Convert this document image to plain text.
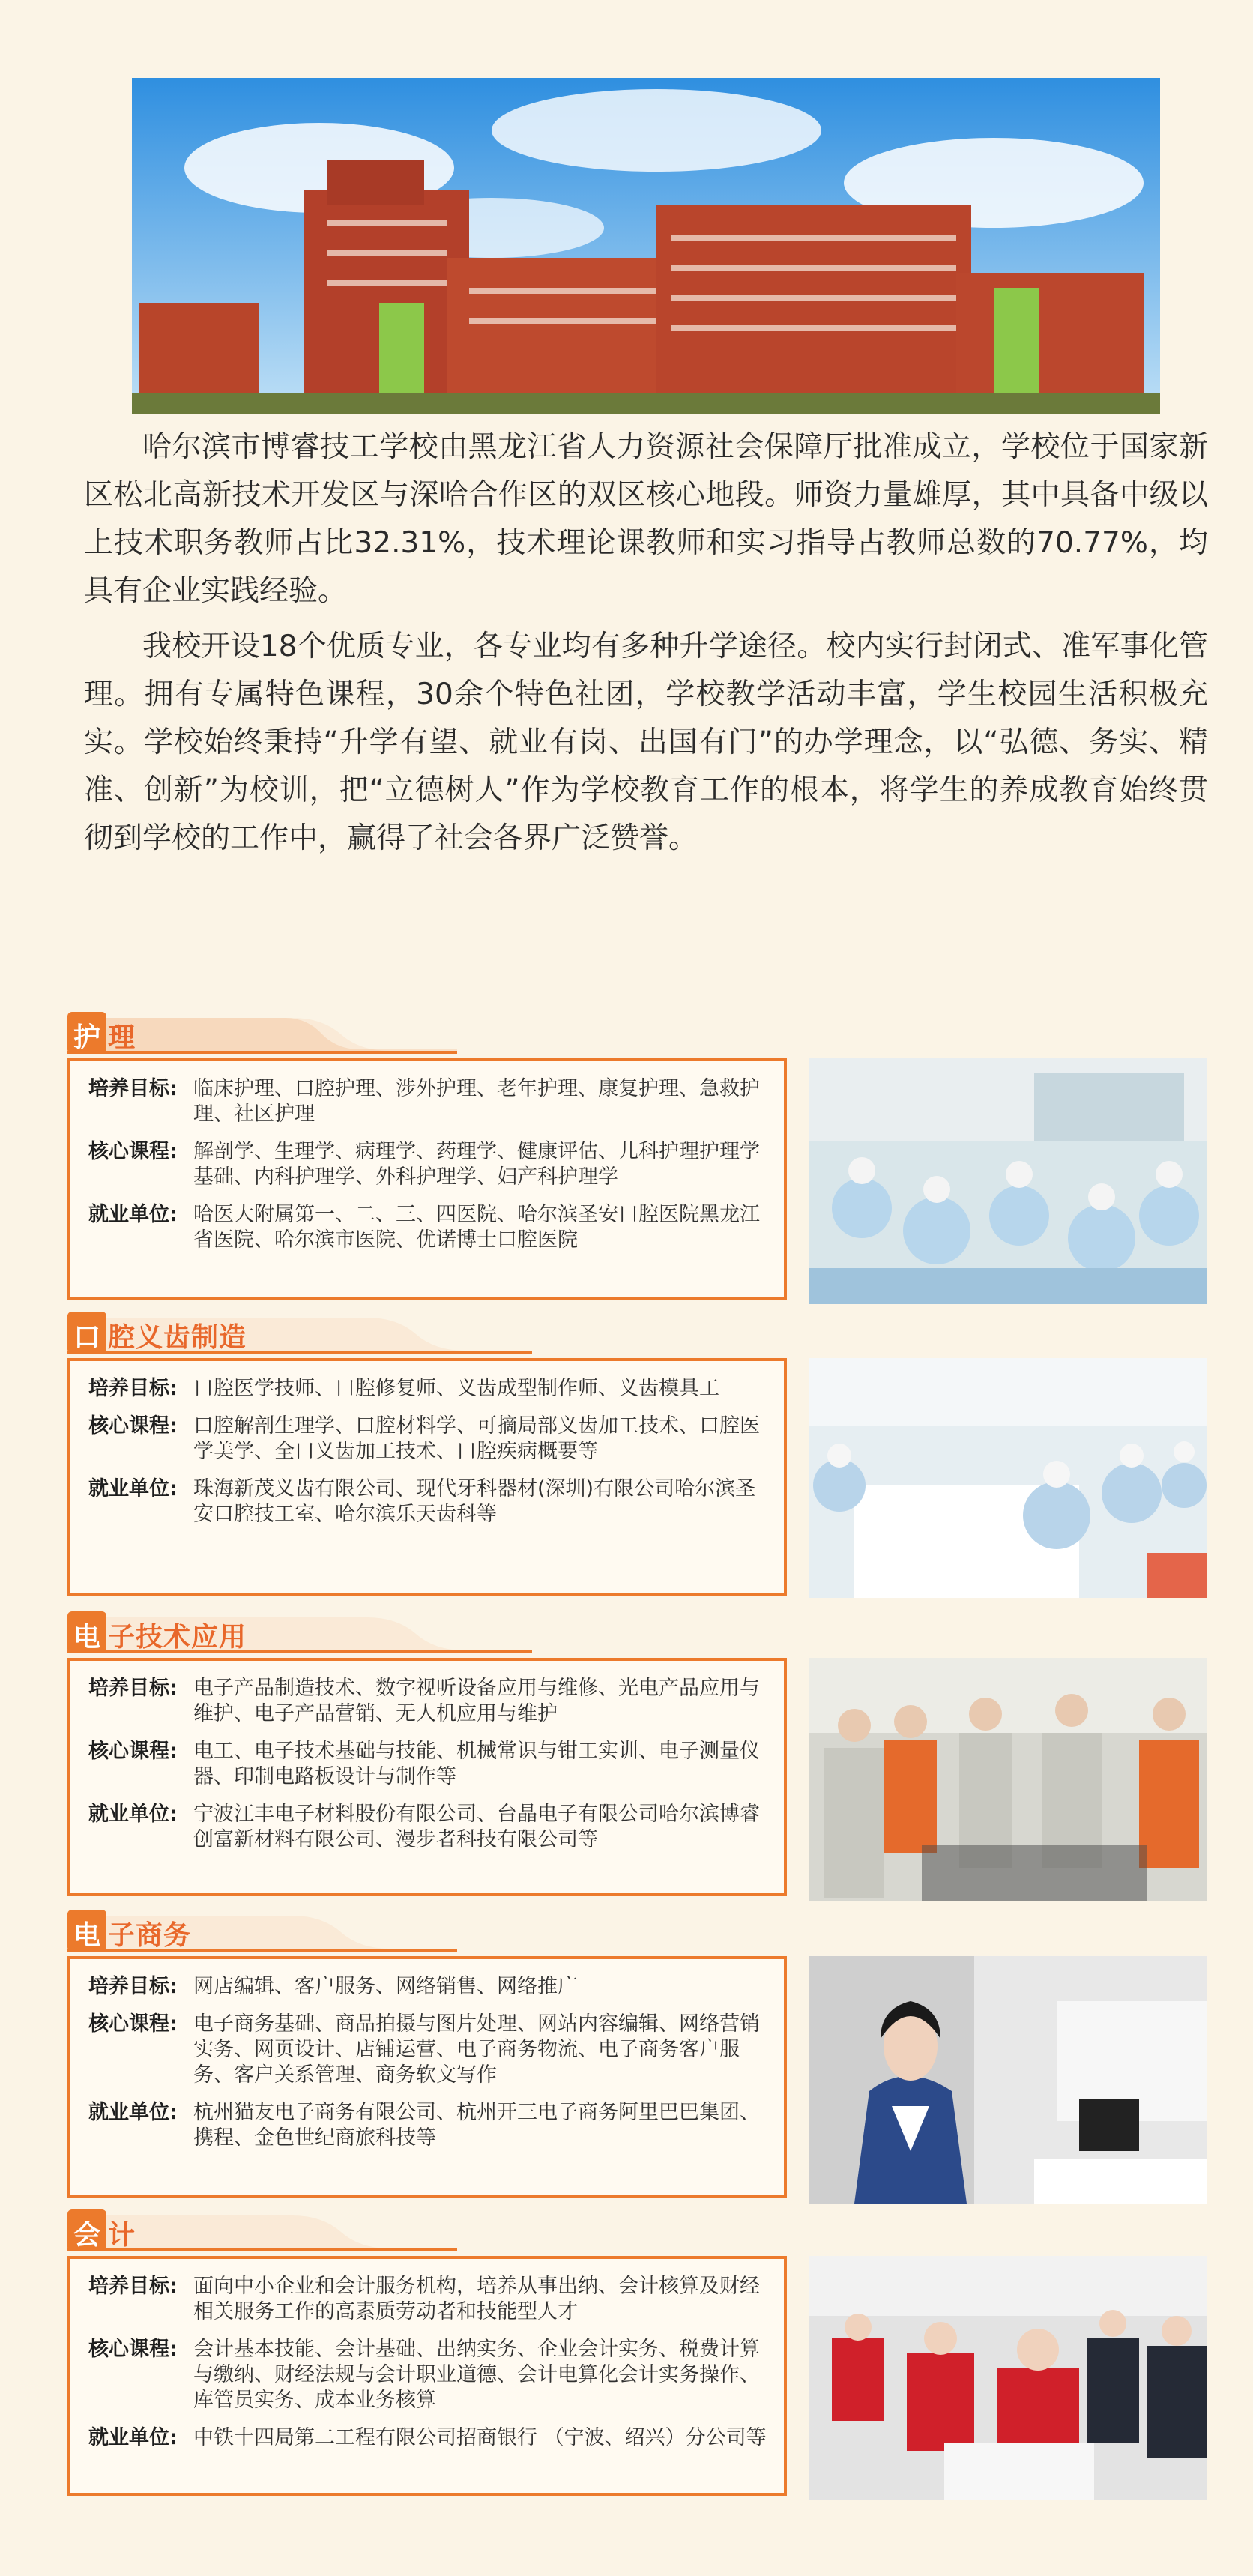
哈尔滨市博睿技工学校由黑龙江省人力资源社会保障厅批准成立，学校位于国家新区松北高新技术开发区与深哈合作区的双区核心地段。师资力量雄厚，其中具备中级以上技术职务教师占比32.31%，技术理论课教师和实习指导占教师总数的70.77%，均具有企业实践经验。

我校开设18个优质专业，各专业均有多种升学途径。校内实行封闭式、准军事化管理。拥有专属特色课程，30余个特色社团，学校教学活动丰富，学生校园生活积极充实。学校始终秉持“升学有望、就业有岗、出国有门”的办学理念，以“弘德、务实、精准、创新”为校训，把“立德树人”作为学校教育工作的根本，将学生的养成教育始终贯彻到学校的工作中，赢得了社会各界广泛赞誉。

护 理
培养目标: 临床护理、口腔护理、涉外护理、老年护理、康复护理、急救护理、社区护理
核心课程: 解剖学、生理学、病理学、药理学、健康评估、儿科护理护理学基础、内科护理学、外科护理学、妇产科护理学
就业单位: 哈医大附属第一、二、三、四医院、哈尔滨圣安口腔医院黑龙江省医院、哈尔滨市医院、优诺博士口腔医院
口 腔义齿制造
培养目标: 口腔医学技师、口腔修复师、义齿成型制作师、义齿模具工
核心课程: 口腔解剖生理学、口腔材料学、可摘局部义齿加工技术、口腔医学美学、全口义齿加工技术、口腔疾病概要等
就业单位: 珠海新茂义齿有限公司、现代牙科器材(深圳)有限公司哈尔滨圣安口腔技工室、哈尔滨乐天齿科等
电 子技术应用
培养目标: 电子产品制造技术、数字视听设备应用与维修、光电产品应用与维护、电子产品营销、无人机应用与维护
核心课程: 电工、电子技术基础与技能、机械常识与钳工实训、电子测量仪器、印制电路板设计与制作等
就业单位: 宁波江丰电子材料股份有限公司、台晶电子有限公司哈尔滨博睿创富新材料有限公司、漫步者科技有限公司等
电 子商务
培养目标: 网店编辑、客户服务、网络销售、网络推广
核心课程: 电子商务基础、商品拍摄与图片处理、网站内容编辑、网络营销实务、网页设计、店铺运营、电子商务物流、电子商务客户服务、客户关系管理、商务软文写作
就业单位: 杭州猫友电子商务有限公司、杭州开三电子商务阿里巴巴集团、携程、金色世纪商旅科技等
会 计
培养目标: 面向中小企业和会计服务机构，培养从事出纳、会计核算及财经相关服务工作的高素质劳动者和技能型人才
核心课程: 会计基本技能、会计基础、出纳实务、企业会计实务、税费计算与缴纳、财经法规与会计职业道德、会计电算化会计实务操作、库管员实务、成本业务核算
就业单位: 中铁十四局第二工程有限公司招商银行 （宁波、绍兴）分公司等
